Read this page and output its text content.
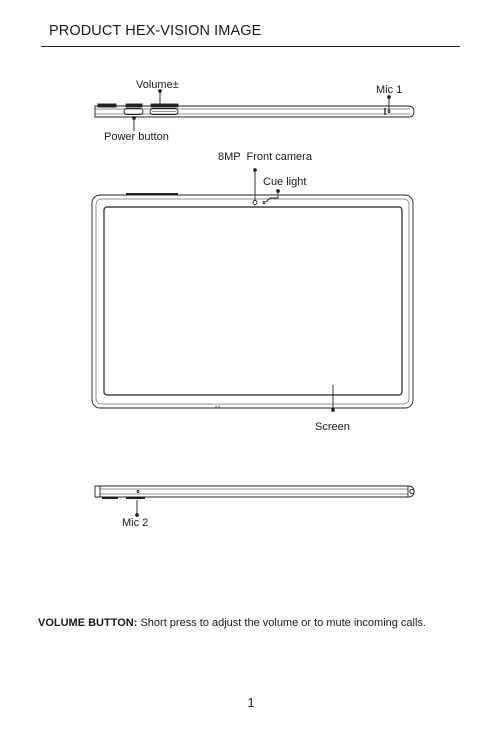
PRODUCT HEX-VISION IMAGE
Volume±	Mic 1
Power button
8MP  Front camera
Cue light
Screen
Mic 2
VOLUME BUTTON: Short press to adjust the volume or to mute incoming calls.
1
